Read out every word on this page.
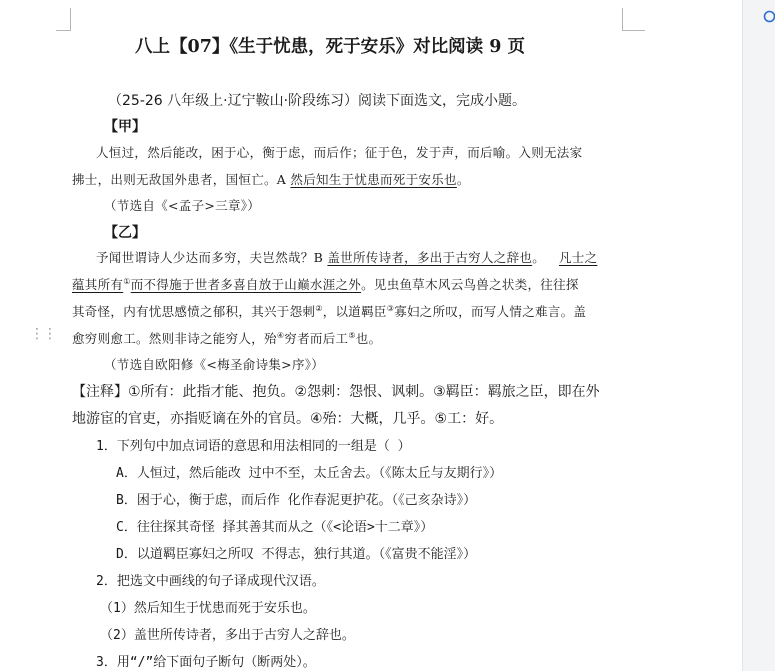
⋮⋮
八上【07】《生于忧患，死于安乐》对比阅读 9 页
（25-26 八年级上·辽宁鞍山·阶段练习）阅读下面选文，完成小题。
【甲】
人恒过，然后能改，困于心，衡于虑，而后作；征于色，发于声，而后喻。入则无法家
拂士，出则无敌国外患者，国恒亡。A 然后知生于忧患而死于安乐也。
（节选自《<孟子>三章》）
【乙】
予闻世谓诗人少达而多穷，夫岂然哉？B 盖世所传诗者，多出于古穷人之辞也。 凡士之
蕴其所有①而不得施于世者多喜自放于山巅水涯之外。见虫鱼草木风云鸟兽之状类，往往探
其奇怪，内有忧思感愤之郁积，其兴于怨刺②，以道羁臣③寡妇之所叹，而写人情之难言。盖
愈穷则愈工。然则非诗之能穷人，殆④穷者而后工⑤也。
（节选自欧阳修《<梅圣俞诗集>序》）
【注释】①所有：此指才能、抱负。②怨刺：怨恨、讽刺。③羁臣：羁旅之臣，即在外
地游宦的官吏，亦指贬谪在外的官员。④殆：大概，几乎。⑤工：好。
1．下列句中加点词语的意思和用法相同的一组是（ ）
A．人恒过，然后能改 过中不至，太丘舍去。（《陈太丘与友期行》）
B．困于心，衡于虑，而后作 化作春泥更护花。（《己亥杂诗》）
C．往往探其奇怪 择其善其而从之（《<论语>十二章》）
D．以道羁臣寡妇之所叹 不得志，独行其道。（《富贵不能淫》）
2．把选文中画线的句子译成现代汉语。
（1）然后知生于忧患而死于安乐也。
（2）盖世所传诗者，多出于古穷人之辞也。
3．用“/”给下面句子断句（断两处）。
